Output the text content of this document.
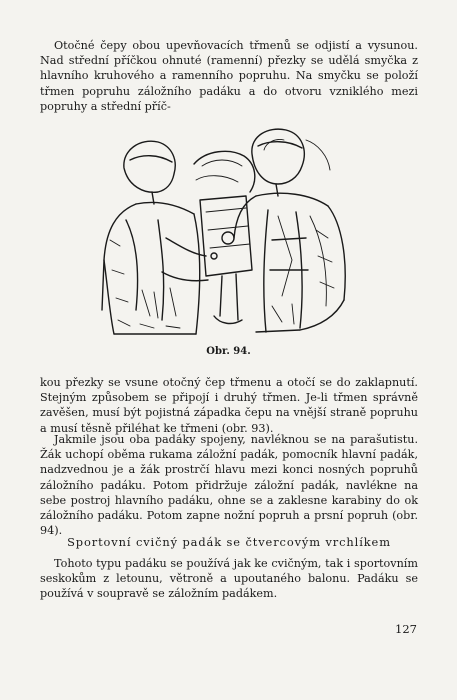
Otočné čepy obou upevňovacích třmenů se odjistí a vysunou. Nad střední příčkou ohnuté (ramenní) přezky se udělá smyčka z hlavního kruhového a ramenního popruhu. Na smyčku se položí třmen popruhu záložního padáku a do otvoru vzniklého mezi popruhy a střední příč-

Obr. 94.

kou přezky se vsune otočný čep třmenu a otočí se do zaklapnutí. Stejným způsobem se připojí i druhý třmen. Je-li třmen správně zavěšen, musí být pojistná západka čepu na vnější straně popruhu a musí těsně přiléhat ke třmeni (obr. 93).

Jakmile jsou oba padáky spojeny, navléknou se na parašutistu. Žák uchopí oběma rukama záložní padák, pomocník hlavní padák, nadzvednou je a žák prostrčí hlavu mezi konci nosných popruhů záložního padáku. Potom přidržuje záložní padák, navlékne na sebe postroj hlavního padáku, ohne se a zaklesne karabiny do ok záložního padáku. Potom zapne nožní popruh a prsní popruh (obr. 94).

Sportovní cvičný padák se čtvercovým vrchlíkem

Tohoto typu padáku se používá jak ke cvičným, tak i sportovním seskokům z letounu, větroně a upoutaného balonu. Padáku se používá v soupravě se záložním padákem.

127
